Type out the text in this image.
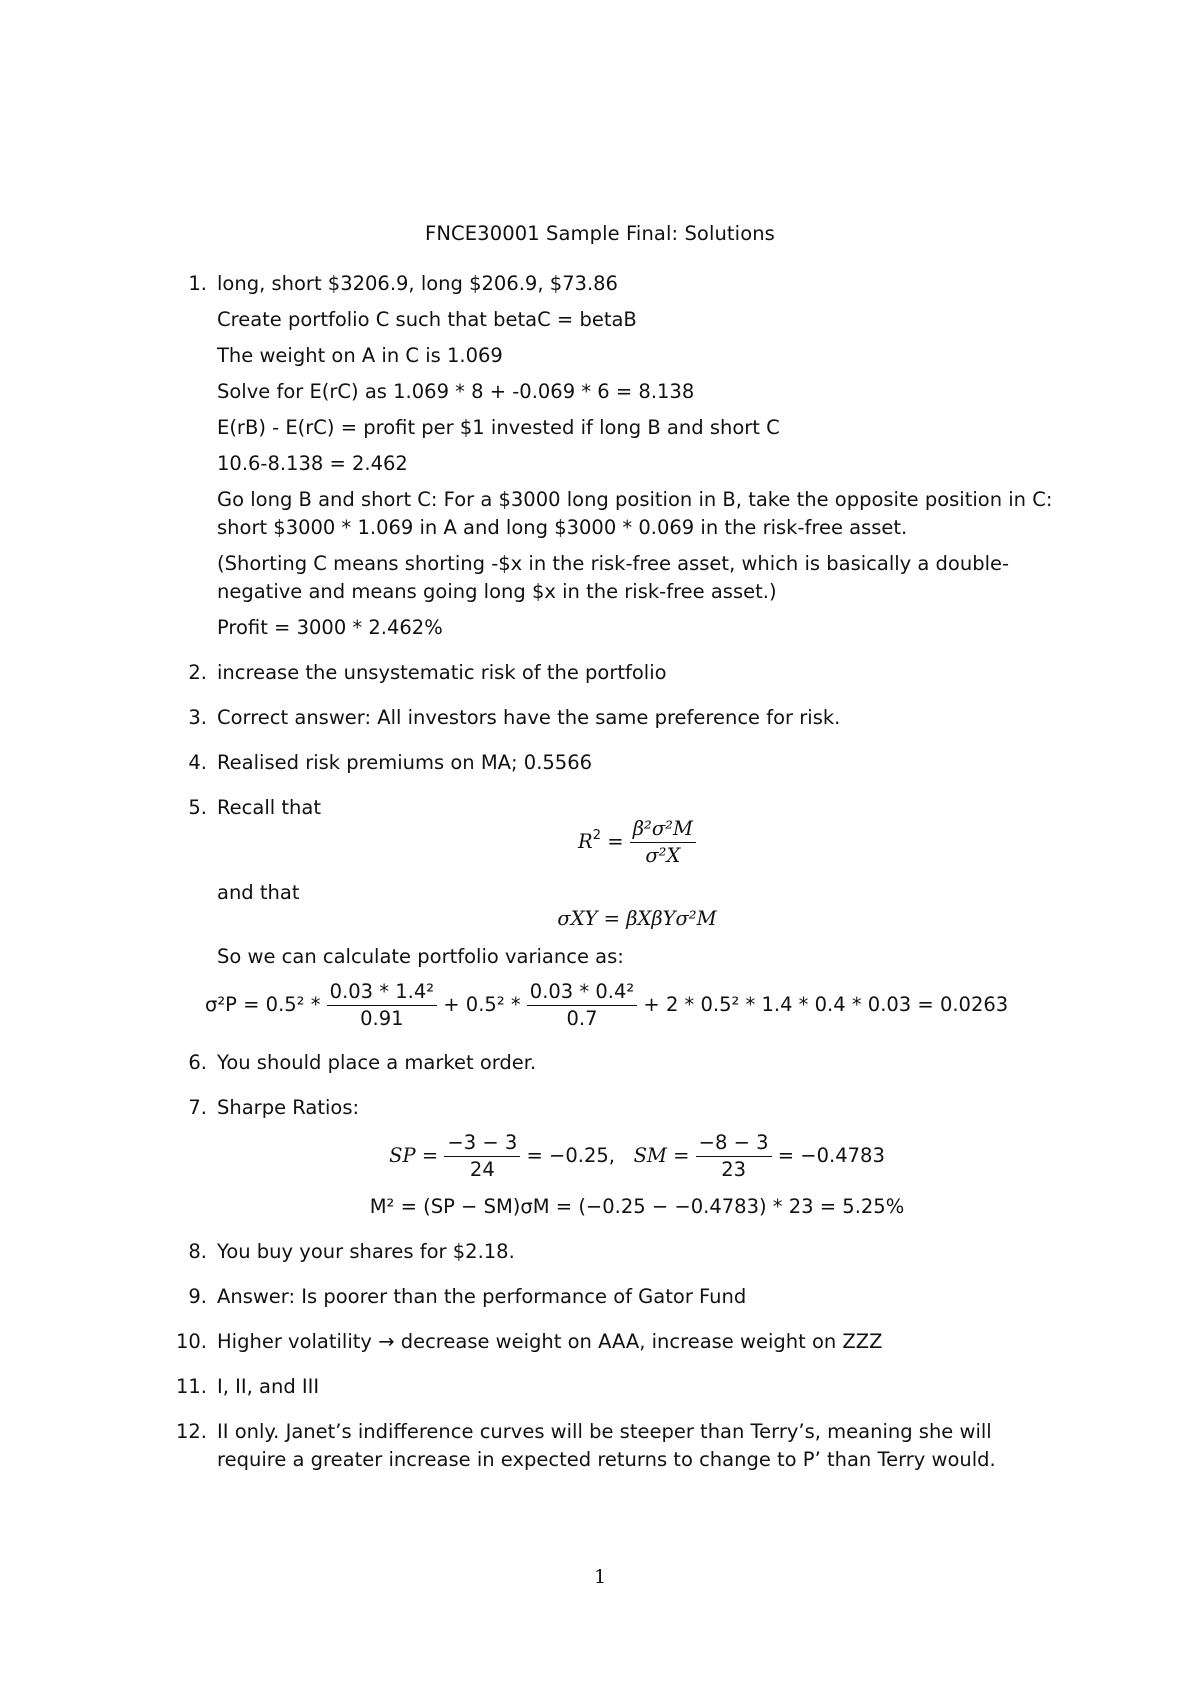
FNCE30001 Sample Final: Solutions
1. long, short $3206.9, long $206.9, $73.86

Create portfolio C such that betaC = betaB

The weight on A in C is 1.069

Solve for E(rC) as 1.069 * 8 + -0.069 * 6 = 8.138

E(rB) - E(rC) = profit per $1 invested if long B and short C

10.6-8.138 = 2.462

Go long B and short C: For a $3000 long position in B, take the opposite position in C: short $3000 * 1.069 in A and long $3000 * 0.069 in the risk-free asset.

(Shorting C means shorting -$x in the risk-free asset, which is basically a double-negative and means going long $x in the risk-free asset.)

Profit = 3000 * 2.462%

2. increase the unsystematic risk of the portfolio

3. Correct answer: All investors have the same preference for risk.

4. Realised risk premiums on MA; 0.5566

5. Recall that

$R^2 = \frac{\text{β²σ²M}}{\text{σ²X}}$

and that

σXY = βXβYσ²M

So we can calculate portfolio variance as:

$\sigma^2P = 0.5^2 * \frac{\text{0.03 * 1.4²}}{0.91} + 0.5^2 * \frac{\text{0.03 * 0.4²}}{0.7} + 2 * 0.5^2 * 1.4 * 0.4 * 0.03 = 0.0263$
6. You should place a market order.

7. Sharpe Ratios:

SP = $\frac{-3 - 3}{24} = -0.25$, SM = $\frac{-8 - 3}{23} = -0.4783$
M² = (SP − SM)σM = (−0.25 − −0.4783) * 23 = 5.25%
8. You buy your shares for $2.18.

9. Answer: Is poorer than the performance of Gator Fund

10. Higher volatility → decrease weight on AAA, increase weight on ZZZ

11. I, II, and III

12. II only. Janet’s indifference curves will be steeper than Terry’s, meaning she will require a greater increase in expected returns to change to P’ than Terry would.

1
